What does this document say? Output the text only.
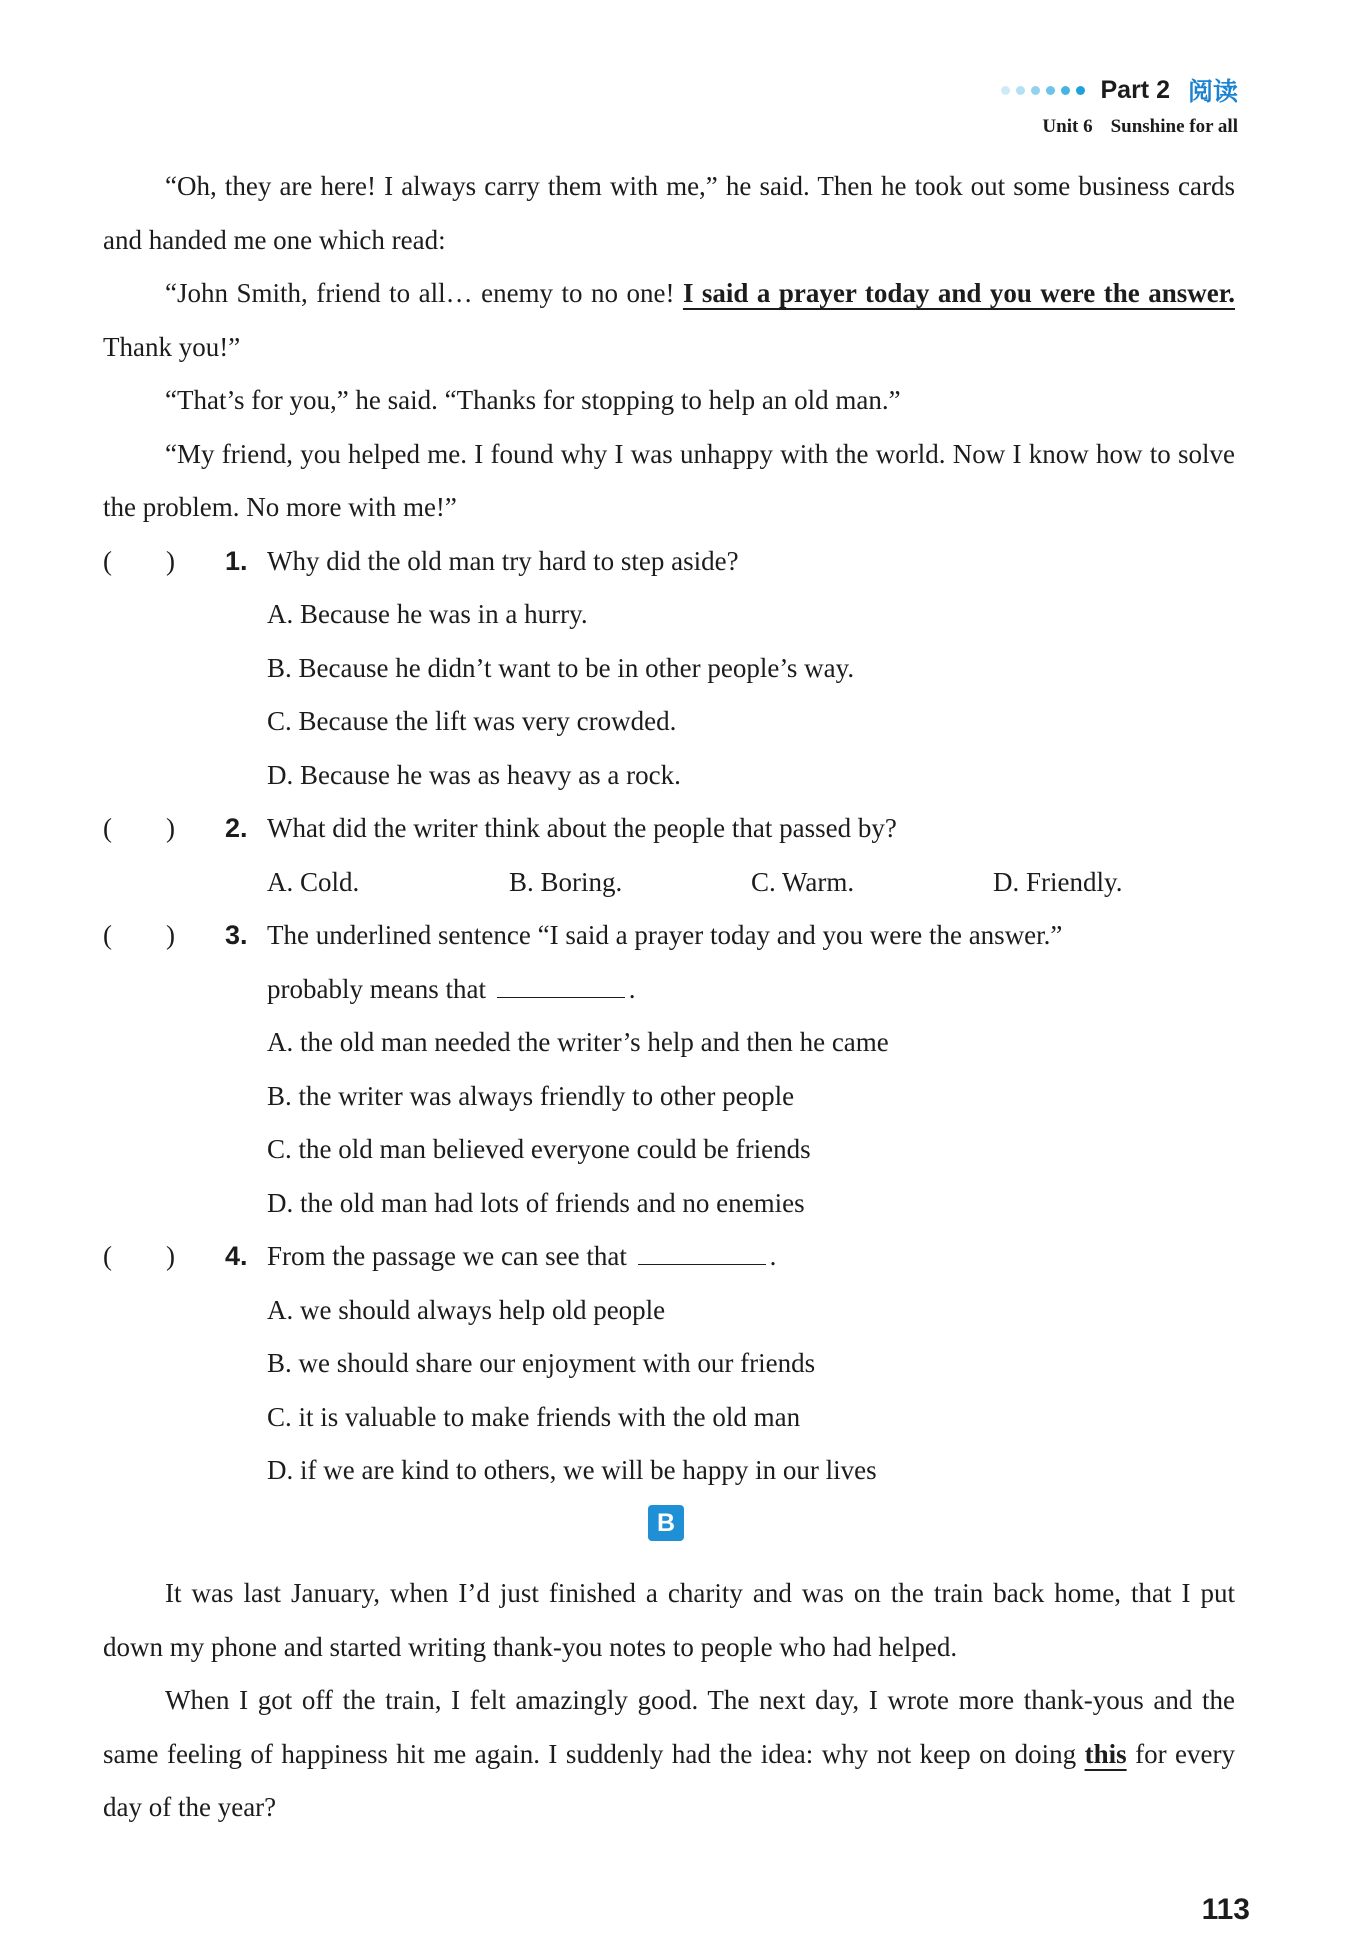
Part 2 阅读
Unit 6 Sunshine for all

“Oh, they are here! I always carry them with me,” he said. Then he took out some business cards and handed me one which read:

“John Smith, friend to all… enemy to no one! I said a prayer today and you were the answer. Thank you!”

“That’s for you,” he said. “Thanks for stopping to help an old man.”

“My friend, you helped me. I found why I was unhappy with the world. Now I know how to solve the problem. No more with me!”

(        )	1. Why did the old man try hard to step aside?
A. Because he was in a hurry.
B. Because he didn’t want to be in other people’s way.
C. Because the lift was very crowded.
D. Because he was as heavy as a rock.
(        )	2. What did the writer think about the people that passed by?
A. Cold.	B. Boring.	C. Warm.	D. Friendly.
(        )	3. The underlined sentence “I said a prayer today and you were the answer.”
probably means that	.
A. the old man needed the writer’s help and then he came
B. the writer was always friendly to other people
C. the old man believed everyone could be friends
D. the old man had lots of friends and no enemies
(        )	4. From the passage we can see that	.
A. we should always help old people
B. we should share our enjoyment with our friends
C. it is valuable to make friends with the old man
D. if we are kind to others, we will be happy in our lives
B

It was last January, when I’d just finished a charity and was on the train back home, that I put down my phone and started writing thank-you notes to people who had helped.

When I got off the train, I felt amazingly good. The next day, I wrote more thank-yous and the same feeling of happiness hit me again. I suddenly had the idea: why not keep on doing this for every day of the year?

113
